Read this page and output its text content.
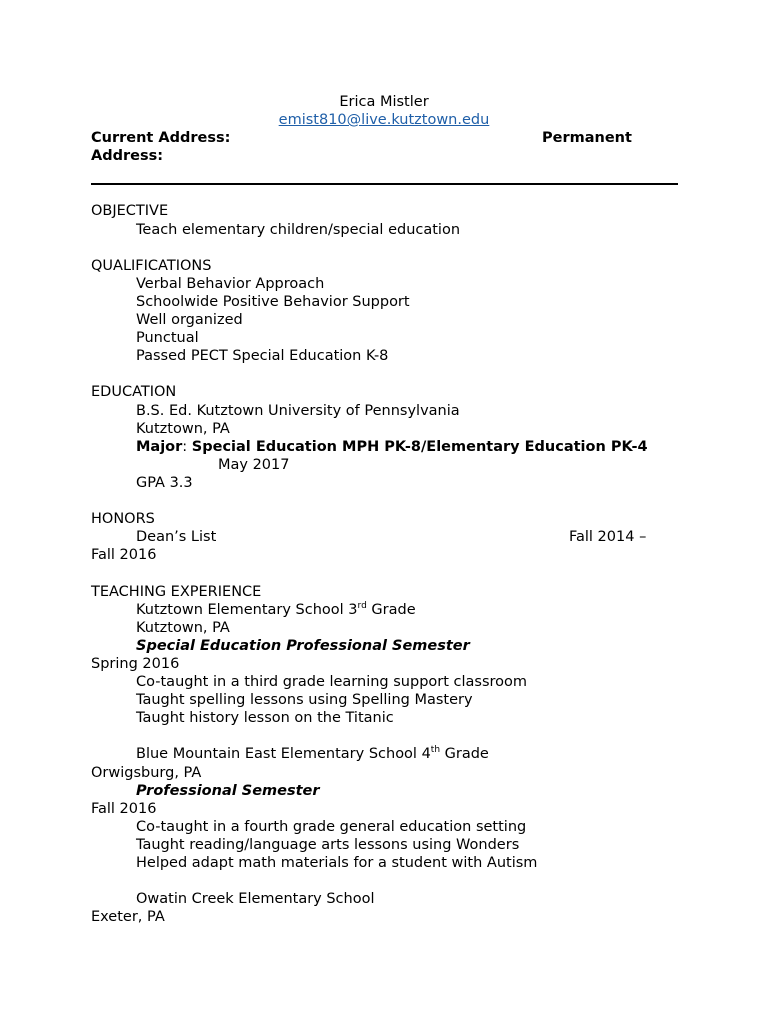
Erica Mistler
emist810@live.kutztown.edu
Current Address:	Permanent
Address:
OBJECTIVE
Teach elementary children/special education
QUALIFICATIONS
Verbal Behavior Approach
Schoolwide Positive Behavior Support
Well organized
Punctual
Passed PECT Special Education K-8
EDUCATION
B.S. Ed. Kutztown University of Pennsylvania
Kutztown, PA
Major: Special Education MPH PK-8/Elementary Education PK-4
May 2017
GPA 3.3
HONORS
Dean’s List	Fall 2014 –
Fall 2016
TEACHING EXPERIENCE
Kutztown Elementary School 3rd Grade
Kutztown, PA
Special Education Professional Semester
Spring 2016
Co-taught in a third grade learning support classroom
Taught spelling lessons using Spelling Mastery
Taught history lesson on the Titanic
Blue Mountain East Elementary School 4th Grade
Orwigsburg, PA
Professional Semester
Fall 2016
Co-taught in a fourth grade general education setting
Taught reading/language arts lessons using Wonders
Helped adapt math materials for a student with Autism
Owatin Creek Elementary School
Exeter, PA
